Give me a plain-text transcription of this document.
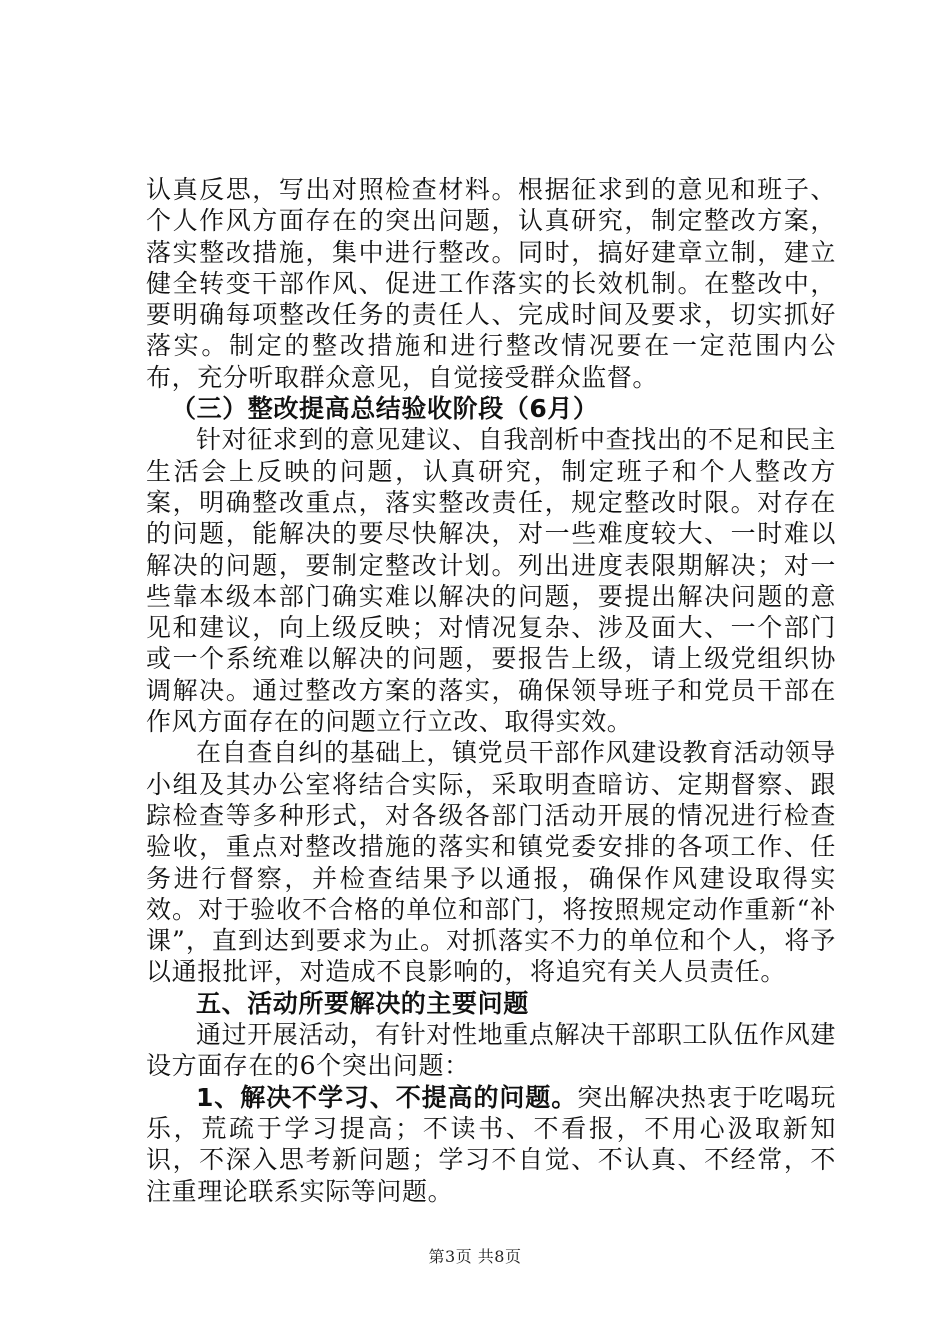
认真反思，写出对照检查材料。根据征求到的意见和班子、个人作风方面存在的突出问题，认真研究，制定整改方案，落实整改措施，集中进行整改。同时，搞好建章立制，建立健全转变干部作风、促进工作落实的长效机制。在整改中，要明确每项整改任务的责任人、完成时间及要求，切实抓好落实。制定的整改措施和进行整改情况要在一定范围内公布，充分听取群众意见，自觉接受群众监督。

（三）整改提高总结验收阶段（6月）

针对征求到的意见建议、自我剖析中查找出的不足和民主生活会上反映的问题，认真研究，制定班子和个人整改方案，明确整改重点，落实整改责任，规定整改时限。对存在的问题，能解决的要尽快解决，对一些难度较大、一时难以解决的问题，要制定整改计划。列出进度表限期解决；对一些靠本级本部门确实难以解决的问题，要提出解决问题的意见和建议，向上级反映；对情况复杂、涉及面大、一个部门或一个系统难以解决的问题，要报告上级，请上级党组织协调解决。通过整改方案的落实，确保领导班子和党员干部在作风方面存在的问题立行立改、取得实效。

在自查自纠的基础上，镇党员干部作风建设教育活动领导小组及其办公室将结合实际，采取明查暗访、定期督察、跟踪检查等多种形式，对各级各部门活动开展的情况进行检查验收，重点对整改措施的落实和镇党委安排的各项工作、任务进行督察，并检查结果予以通报，确保作风建设取得实效。对于验收不合格的单位和部门，将按照规定动作重新“补课”，直到达到要求为止。对抓落实不力的单位和个人，将予以通报批评，对造成不良影响的，将追究有关人员责任。

五、活动所要解决的主要问题

通过开展活动，有针对性地重点解决干部职工队伍作风建设方面存在的6个突出问题：

1、解决不学习、不提高的问题。突出解决热衷于吃喝玩乐，荒疏于学习提高；不读书、不看报，不用心汲取新知识，不深入思考新问题；学习不自觉、不认真、不经常，不注重理论联系实际等问题。

第3页 共8页
